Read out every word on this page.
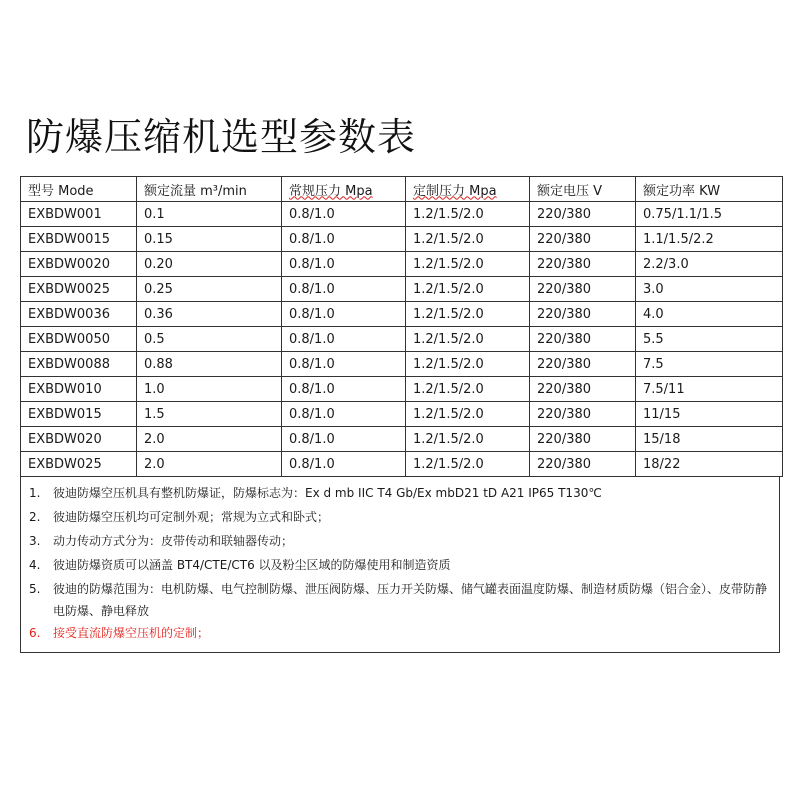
防爆压缩机选型参数表
型号 Mode	额定流量 m³/min	常规压力 Mpa	定制压力 Mpa	额定电压 V	额定功率 KW
EXBDW001	0.1	0.8/1.0	1.2/1.5/2.0	220/380	0.75/1.1/1.5
EXBDW0015	0.15	0.8/1.0	1.2/1.5/2.0	220/380	1.1/1.5/2.2
EXBDW0020	0.20	0.8/1.0	1.2/1.5/2.0	220/380	2.2/3.0
EXBDW0025	0.25	0.8/1.0	1.2/1.5/2.0	220/380	3.0
EXBDW0036	0.36	0.8/1.0	1.2/1.5/2.0	220/380	4.0
EXBDW0050	0.5	0.8/1.0	1.2/1.5/2.0	220/380	5.5
EXBDW0088	0.88	0.8/1.0	1.2/1.5/2.0	220/380	7.5
EXBDW010	1.0	0.8/1.0	1.2/1.5/2.0	220/380	7.5/11
EXBDW015	1.5	0.8/1.0	1.2/1.5/2.0	220/380	11/15
EXBDW020	2.0	0.8/1.0	1.2/1.5/2.0	220/380	15/18
EXBDW025	2.0	0.8/1.0	1.2/1.5/2.0	220/380	18/22
1.	彼迪防爆空压机具有整机防爆证，防爆标志为：Ex d mb IIC T4 Gb/Ex mbD21 tD A21 IP65 T130℃
2.	彼迪防爆空压机均可定制外观；常规为立式和卧式；
3.	动力传动方式分为：皮带传动和联轴器传动；
4.	彼迪防爆资质可以涵盖 BT4/CTE/CT6 以及粉尘区域的防爆使用和制造资质
5.	彼迪的防爆范围为：电机防爆、电气控制防爆、泄压阀防爆、压力开关防爆、储气罐表面温度防爆、制造材质防爆（铝合金）、皮带防静电防爆、静电释放
6.	接受直流防爆空压机的定制；
